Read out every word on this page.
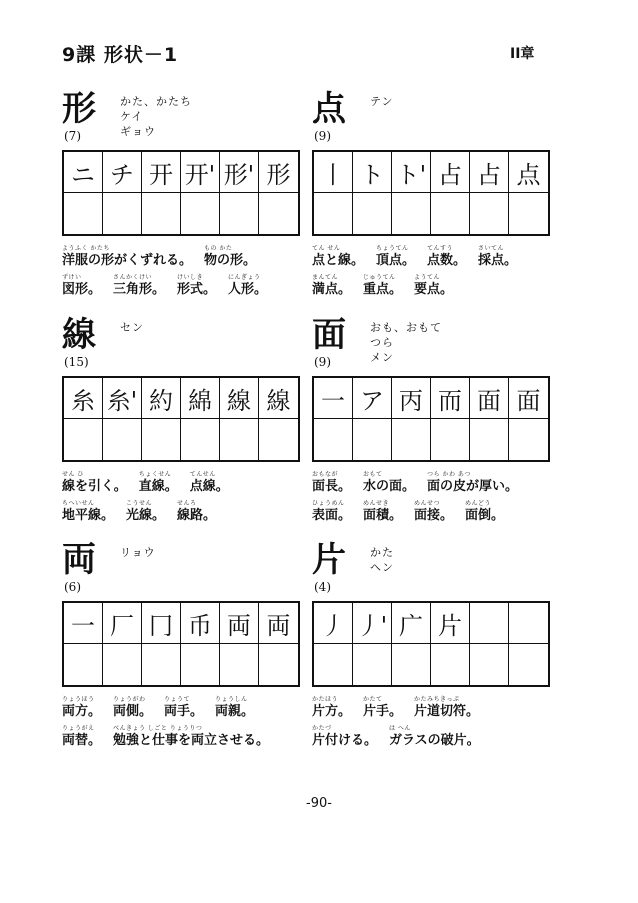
9課 形状－1	II章
形 かた、かたち
ケイ
ギョウ
(7)
ニ チ 开 开' 形' 形
ようふく かたち
洋服の形がくずれる。
もの かた
物の形。
ずけい
図形。
さんかくけい
三角形。
けいしき
形式。
にんぎょう
人形。
点 テン
(9)
丨 ト ト' 占 占 点
てん せん
点と線。
ちょうてん
頂点。
てんすう
点数。
さいてん
採点。
まんてん
満点。
じゅうてん
重点。
ようてん
要点。
線 セン
(15)
糸 糸' 約 綿 線 線
せん ひ
線を引く。
ちょくせん
直線。
てんせん
点線。
ちへいせん
地平線。
こうせん
光線。
せんろ
線路。
面 おも、おもて
つら
メン
(9)
一 ア 丙 而 面 面
おもなが
面長。
おもて
水の面。
つら かわ あつ
面の皮が厚い。
ひょうめん
表面。
めんせき
面積。
めんせつ
面接。
めんどう
面倒。
両 リョウ
(6)
一 厂 冂 币 両 両
りょうほう
両方。
りょうがわ
両側。
りょうて
両手。
りょうしん
両親。
りょうがえ
両替。
べんきょう しごと りょうりつ
勉強と仕事を両立させる。
片 かた
ヘン
(4)
丿 丿' 广 片
かたほう
片方。
かたて
片手。
かたみちきっぷ
片道切符。
かたづ
片付ける。
は へん
ガラスの破片。
-90-
